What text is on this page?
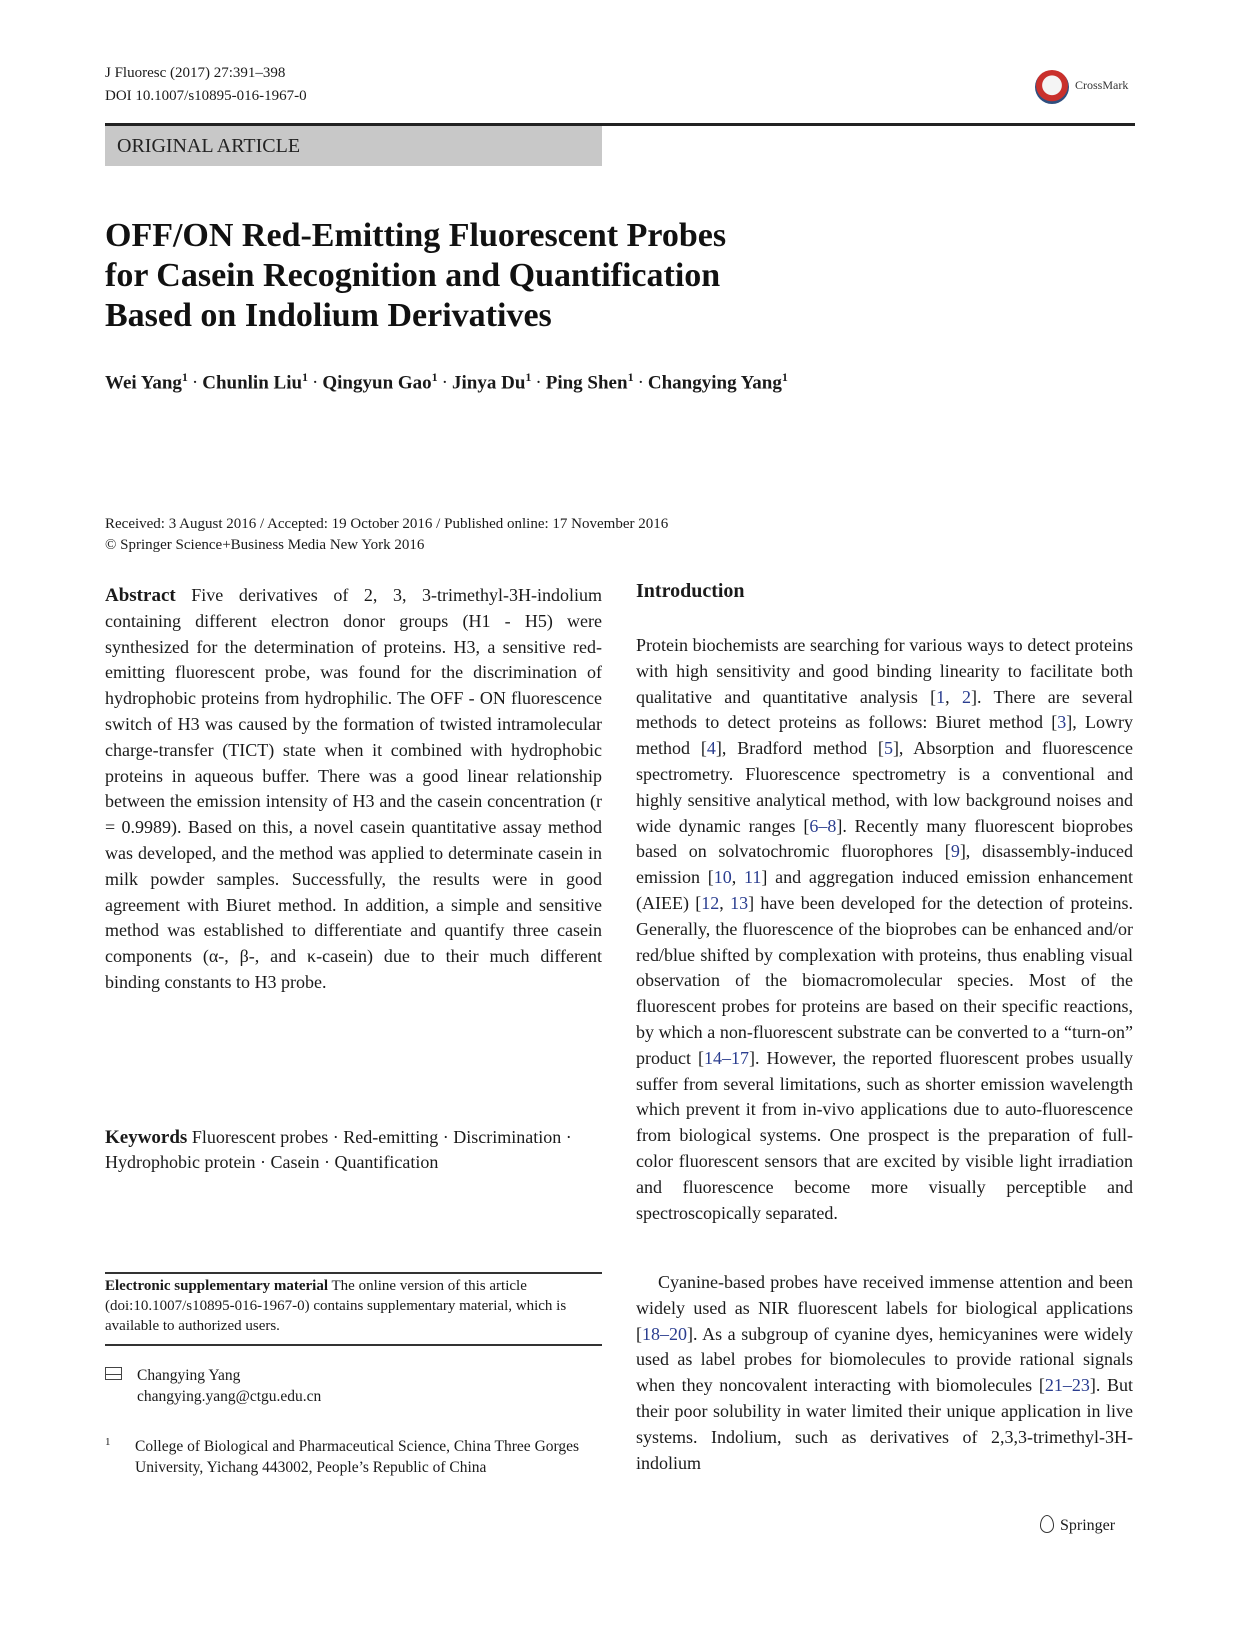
J Fluoresc (2017) 27:391–398
DOI 10.1007/s10895-016-1967-0
CrossMark
ORIGINAL ARTICLE
OFF/ON Red-Emitting Fluorescent Probes
for Casein Recognition and Quantification
Based on Indolium Derivatives
Wei Yang$^1$ · Chunlin Liu$^1$ · Qingyun Gao$^1$ · Jinya $Du^1$ · Ping Shen$^1$ · Changying Yang$^1$
Received: 3 August 2016 / Accepted: 19 October 2016 / Published online: 17 November 2016
© Springer Science+Business Media New York 2016
Abstract Five derivatives of 2, 3, 3-trimethyl-3H-indolium containing different electron donor groups (H1 - H5) were synthesized for the determination of proteins. H3, a sensitive red-emitting fluorescent probe, was found for the discrimination of hydrophobic proteins from hydrophilic. The OFF - ON fluorescence switch of H3 was caused by the formation of twisted intramolecular charge-transfer (TICT) state when it combined with hydrophobic proteins in aqueous buffer. There was a good linear relationship between the emission intensity of H3 and the casein concentration (r = 0.9989). Based on this, a novel casein quantitative assay method was developed, and the method was applied to determinate casein in milk powder samples. Successfully, the results were in good agreement with Biuret method. In addition, a simple and sensitive method was established to differentiate and quantify three casein components (α-, β-, and κ-casein) due to their much different binding constants to H3 probe.
Keywords Fluorescent probes · Red-emitting · Discrimination · Hydrophobic protein · Casein · Quantification
Electronic supplementary material The online version of this article (doi:10.1007/s10895-016-1967-0) contains supplementary material, which is available to authorized users.
Changying Yang
changying.yang@ctgu.edu.cn
1 College of Biological and Pharmaceutical Science, China Three Gorges University, Yichang 443002, People’s Republic of China
Introduction
Protein biochemists are searching for various ways to detect proteins with high sensitivity and good binding linearity to facilitate both qualitative and quantitative analysis [1, 2]. There are several methods to detect proteins as follows: Biuret method [3], Lowry method [4], Bradford method [5], Absorption and fluorescence spectrometry. Fluorescence spectrometry is a conventional and highly sensitive analytical method, with low background noises and wide dynamic ranges [6–8]. Recently many fluorescent bioprobes based on solvatochromic fluorophores [9], disassembly-induced emission [10, 11] and aggregation induced emission enhancement (AIEE) [12, 13] have been developed for the detection of proteins. Generally, the fluorescence of the bioprobes can be enhanced and/or red/blue shifted by complexation with proteins, thus enabling visual observation of the biomacromolecular species. Most of the fluorescent probes for proteins are based on their specific reactions, by which a non-fluorescent substrate can be converted to a “turn-on” product [14–17]. However, the reported fluorescent probes usually suffer from several limitations, such as shorter emission wavelength which prevent it from in-vivo applications due to auto-fluorescence from biological systems. One prospect is the preparation of full-color fluorescent sensors that are excited by visible light irradiation and fluorescence become more visually perceptible and spectroscopically separated.
Cyanine-based probes have received immense attention and been widely used as NIR fluorescent labels for biological applications [18–20]. As a subgroup of cyanine dyes, hemicyanines were widely used as label probes for biomolecules to provide rational signals when they noncovalent interacting with biomolecules [21–23]. But their poor solubility in water limited their unique application in live systems. Indolium, such as derivatives of 2,3,3-trimethyl-3H-indolium
Springer
